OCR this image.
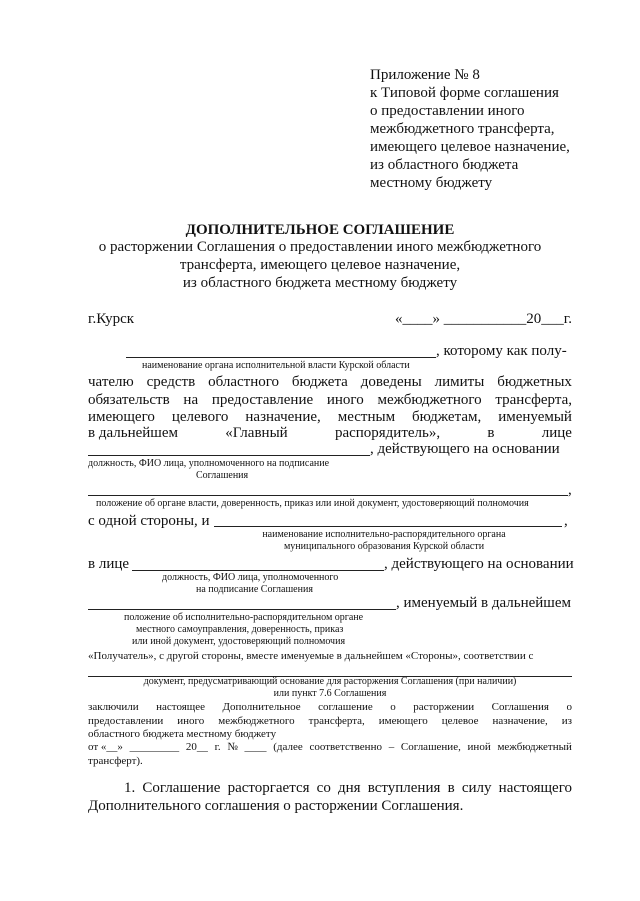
Приложение № 8
к Типовой форме соглашения
о предоставлении иного
межбюджетного трансферта,
имеющего целевое назначение,
из областного бюджета
местному бюджету
ДОПОЛНИТЕЛЬНОЕ СОГЛАШЕНИЕ
о расторжении Соглашения о предоставлении иного межбюджетного
трансферта, имеющего целевое назначение,
из областного бюджета местному бюджету
г.Курск	«____» ___________20___г.
, которому как полу-
наименование органа исполнительной власти Курской области
чателю средств областного бюджета доведены лимиты бюджетных
обязательств на предоставление иного межбюджетного трансферта,
имеющего целевого назначение, местным бюджетам, именуемый
в дальнейшем	«Главный	распорядитель»,	в	лице
, действующего на основании
должность, ФИО лица, уполномоченного на подписание
Соглашения
,
положение об органе власти, доверенность, приказ или иной документ, удостоверяющий полномочия
с одной стороны, и	,
наименование исполнительно-распорядительного органа
муниципального образования Курской области
в лице	, действующего на основании
должность, ФИО лица, уполномоченного
на подписание Соглашения
, именуемый в дальнейшем
положение об исполнительно-распорядительном органе
местного самоуправления, доверенность, приказ
или иной документ, удостоверяющий полномочия
«Получатель», с другой стороны, вместе именуемые в дальнейшем «Стороны», соответствии с
документ, предусматривающий основание для расторжения Соглашения (при наличии)
или пункт 7.6 Соглашения
заключили настоящее Дополнительное соглашение о расторжении Соглашения о
предоставлении иного межбюджетного трансферта, имеющего целевое назначение, из
областного бюджета местному бюджету
от «__» _________ 20__ г. № ____ (далее соответственно – Соглашение, иной межбюджетный
трансферт).
1. Соглашение расторгается со дня вступления в силу настоящего
Дополнительного соглашения о расторжении Соглашения.
